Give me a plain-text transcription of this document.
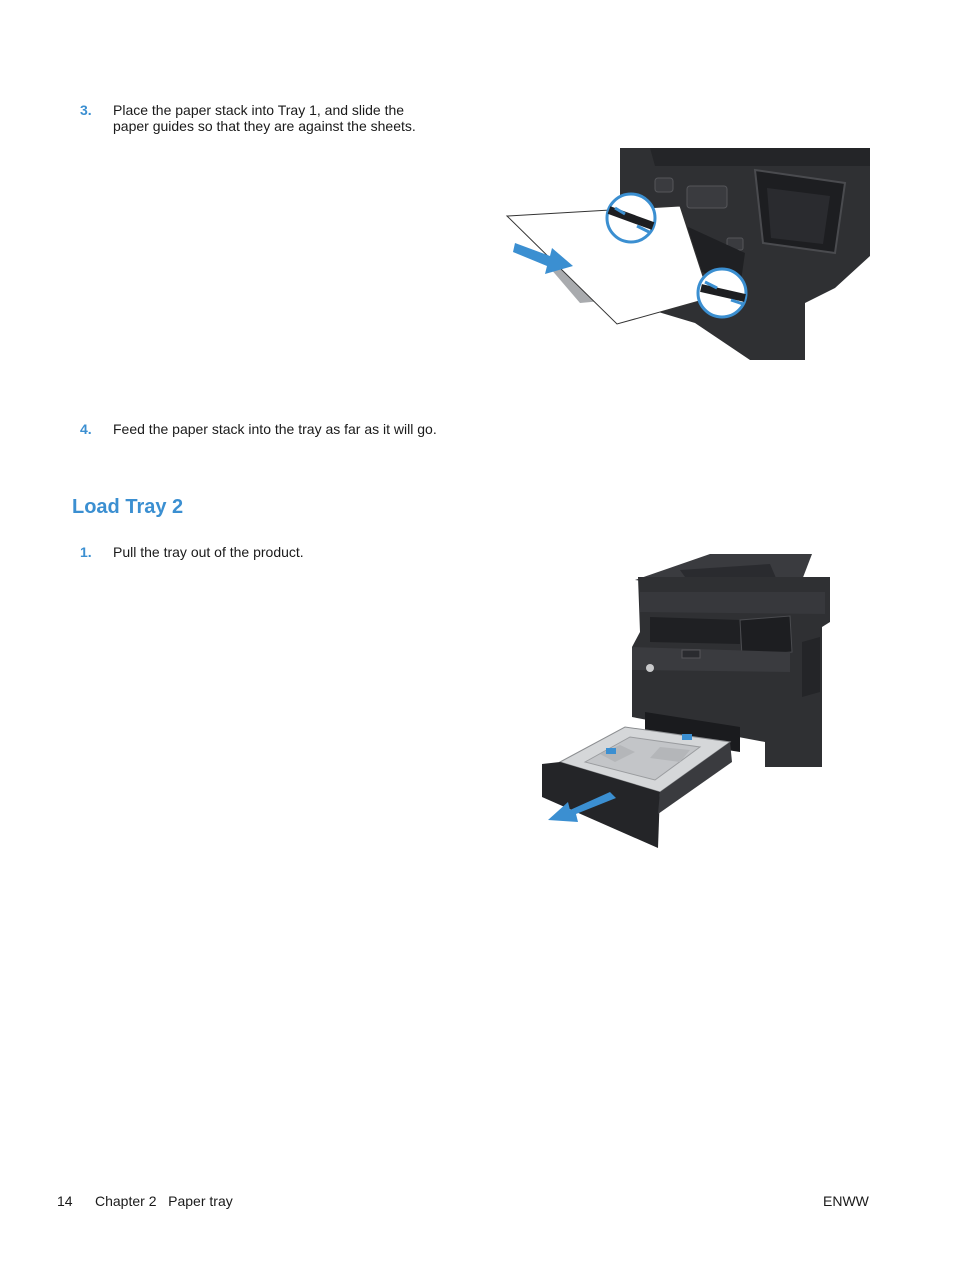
3. Place the paper stack into Tray 1, and slide the paper guides so that they are against the sheets.
4. Feed the paper stack into the tray as far as it will go.
Load Tray 2
1. Pull the tray out of the product.
14 Chapter 2   Paper tray	ENWW
